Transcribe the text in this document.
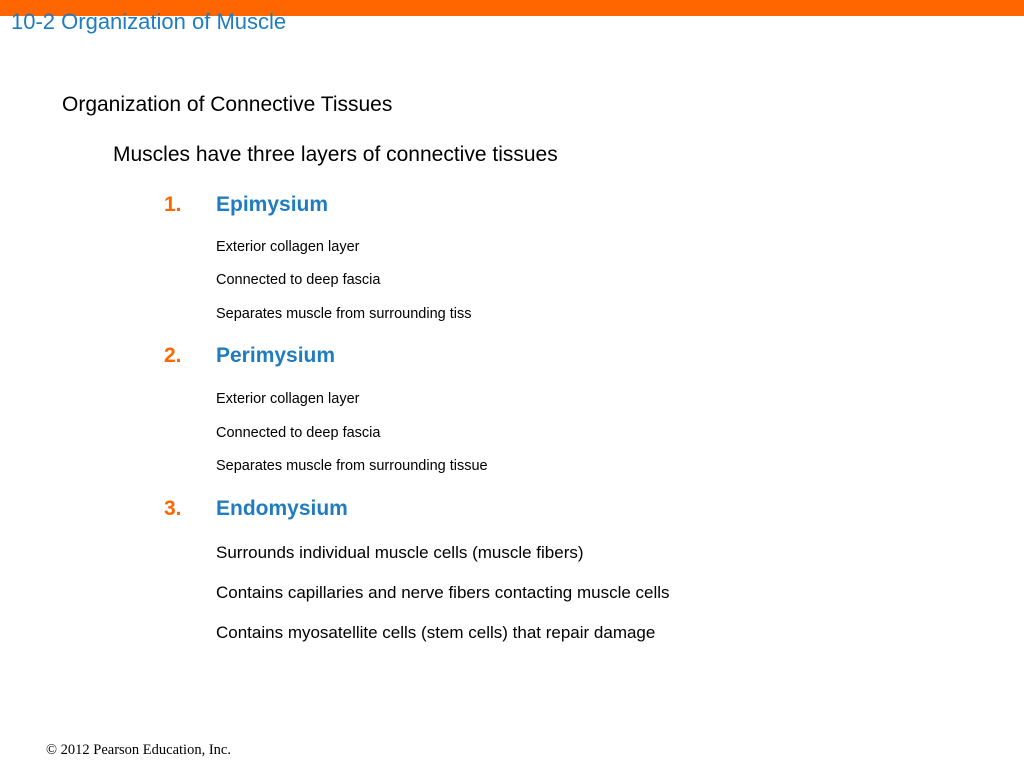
10-2 Organization of Muscle
Organization of Connective Tissues
Muscles have three layers of connective tissues
1. Epimysium
Exterior collagen layer
Connected to deep fascia
Separates muscle from surrounding tiss
2. Perimysium
Exterior collagen layer
Connected to deep fascia
Separates muscle from surrounding tissue
3. Endomysium
Surrounds individual muscle cells (muscle fibers)
Contains capillaries and nerve fibers contacting muscle cells
Contains myosatellite cells (stem cells) that repair damage
© 2012 Pearson Education, Inc.
